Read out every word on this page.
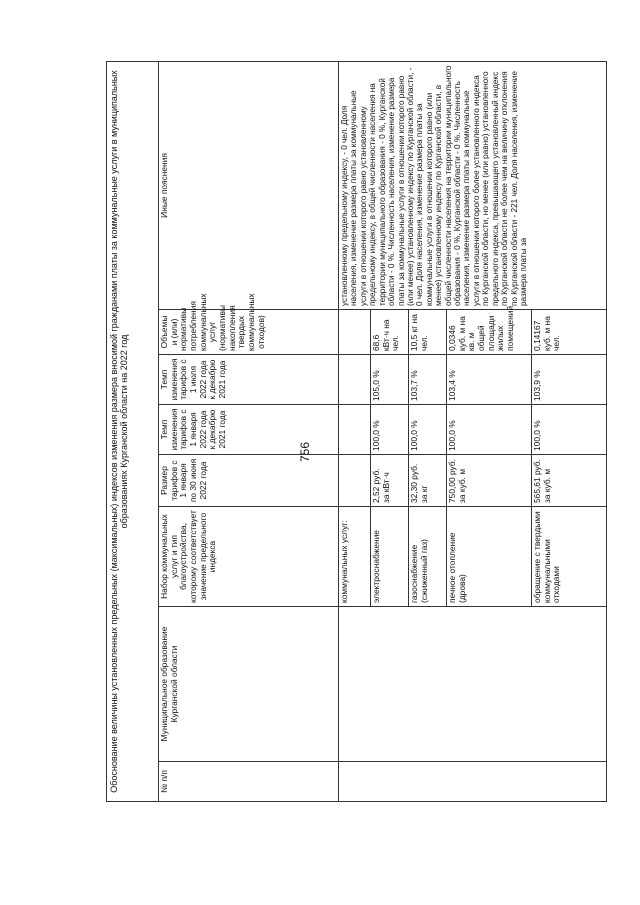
756
Обоснование величины установленных предельных (максимальных) индексов изменения размера вносимой гражданами платы за коммунальные услуги в муниципальных образованиях Курганской области на 2022 год							
№ п/п	Муниципальное образование Курганской области	Набор коммунальных услуг и тип благоустройства, которому соответствует значение предельного индекса	Размер тарифов с 1 января по 30 июня 2022 года	Темп изменения тарифов с 1 января 2022 года к декабрю 2021 года	Темп изменения тарифов с 1 июля 2022 года к декабрю 2021 года	Объемы и (или) нормативы потребления коммунальных услуг (нормативы накопления твердых коммунальных отходов)	Иные пояснения
		коммунальных услуг:					установленному предельному индексу, - 0 чел. Доля населения, изменение размера платы за коммунальные услуги в отношении которого равно установленному предельному индексу, в общей численности населения на территории муниципального образования - 0 %, Курганской области - 0 %. Численность населения, изменение размера платы за коммунальные услуги в отношении которого равно (или менее) установленному индексу по Курганской области, - 0 чел. Доля населения, изменение размера платы за коммунальные услуги в отношении которого равно (или менее) установленному индексу по Курганской области, в общей численности населения на территории муниципального образования - 0 %, Курганской области - 0 %. Численность населения, изменение размера платы за коммунальные услуги в отношении которого более установленного индекса по Курганской области, но менее (или равно) установленного предельного индекса, превышающего установленный индекс по Курганской области не более чем на величину отклонения по Курганской области - 221 чел. Доля населения, изменение размера платы за
		электроснабжение	2,52 руб. за кВт·ч	100,0 %	105,0 %	68,6 кВт·ч на чел.	
		газоснабжение (сжиженный газ)	32,30 руб. за кг	100,0 %	103,7 %	10,5 кг на чел.	
		печное отопление (дрова)	750,00 руб. за куб. м	100,0 %	103,4 %	0,0346 куб. м на кв. м общей площади жилых помещений	
		обращение с твердыми коммунальными отходами	565,61 руб. за куб. м	100,0 %	103,9 %	0,14167 куб. м на чел.	
